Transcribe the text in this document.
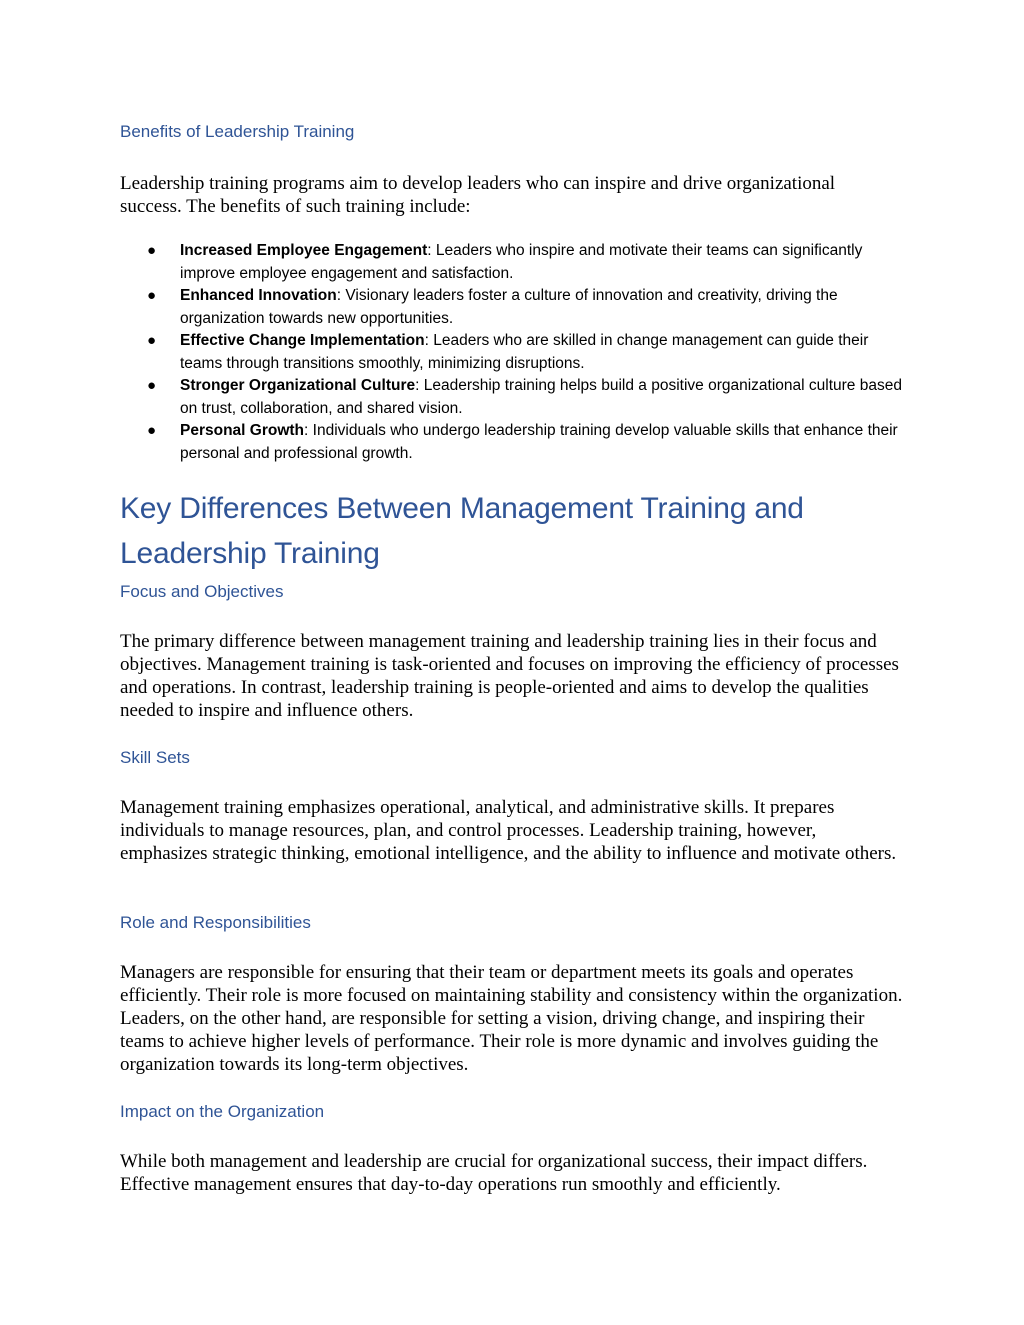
Benefits of Leadership Training

Leadership training programs aim to develop leaders who can inspire and drive organizational success. The benefits of such training include:

● Increased Employee Engagement: Leaders who inspire and motivate their teams can significantly improve employee engagement and satisfaction.
● Enhanced Innovation: Visionary leaders foster a culture of innovation and creativity, driving the organization towards new opportunities.
● Effective Change Implementation: Leaders who are skilled in change management can guide their teams through transitions smoothly, minimizing disruptions.
● Stronger Organizational Culture: Leadership training helps build a positive organizational culture based on trust, collaboration, and shared vision.
● Personal Growth: Individuals who undergo leadership training develop valuable skills that enhance their personal and professional growth.
Key Differences Between Management Training and Leadership Training
Focus and Objectives

The primary difference between management training and leadership training lies in their focus and objectives. Management training is task-oriented and focuses on improving the efficiency of processes and operations. In contrast, leadership training is people-oriented and aims to develop the qualities needed to inspire and influence others.

Skill Sets

Management training emphasizes operational, analytical, and administrative skills. It prepares individuals to manage resources, plan, and control processes. Leadership training, however, emphasizes strategic thinking, emotional intelligence, and the ability to influence and motivate others.

Role and Responsibilities

Managers are responsible for ensuring that their team or department meets its goals and operates efficiently. Their role is more focused on maintaining stability and consistency within the organization. Leaders, on the other hand, are responsible for setting a vision, driving change, and inspiring their teams to achieve higher levels of performance. Their role is more dynamic and involves guiding the organization towards its long-term objectives.

Impact on the Organization

While both management and leadership are crucial for organizational success, their impact differs. Effective management ensures that day-to-day operations run smoothly and efficiently.
